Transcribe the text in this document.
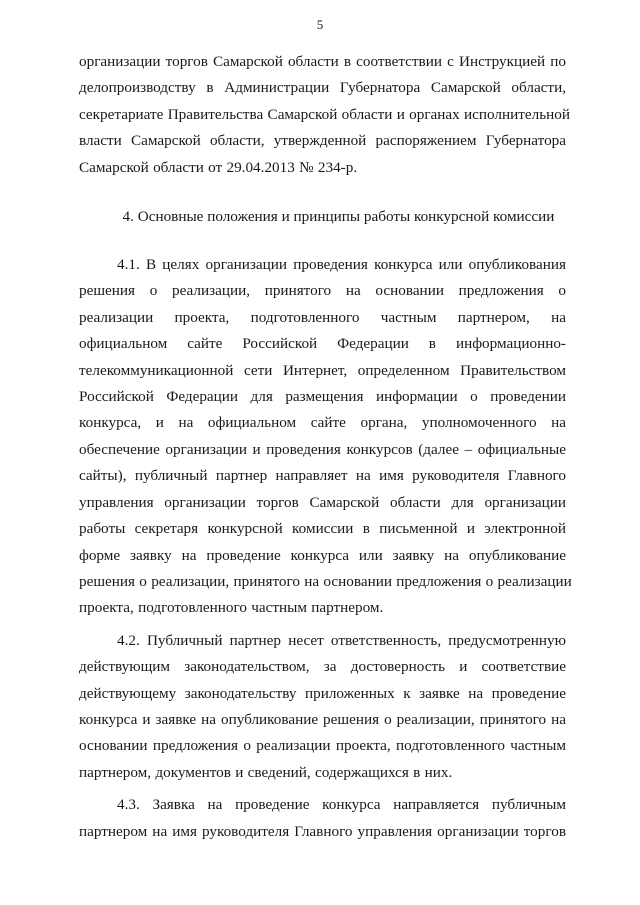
5

организации торгов Самарской области в соответствии с Инструкцией по
делопроизводству в Администрации Губернатора Самарской области,
секретариате Правительства Самарской области и органах исполнительной
власти Самарской области, утвержденной распоряжением Губернатора
Самарской области от 29.04.2013 № 234-р.

4. Основные положения и принципы работы конкурсной комиссии

4.1. В целях организации проведения конкурса или опубликования
решения о реализации, принятого на основании предложения о
реализации проекта, подготовленного частным партнером, на
официальном сайте Российской Федерации в информационно-
телекоммуникационной сети Интернет, определенном Правительством
Российской Федерации для размещения информации о проведении
конкурса, и на официальном сайте органа, уполномоченного на
обеспечение организации и проведения конкурсов (далее – официальные
сайты), публичный партнер направляет на имя руководителя Главного
управления организации торгов Самарской области для организации
работы секретаря конкурсной комиссии в письменной и электронной
форме заявку на проведение конкурса или заявку на опубликование
решения о реализации, принятого на основании предложения о реализации
проекта, подготовленного частным партнером.

4.2. Публичный партнер несет ответственность, предусмотренную
действующим законодательством, за достоверность и соответствие
действующему законодательству приложенных к заявке на проведение
конкурса и заявке на опубликование решения о реализации, принятого на
основании предложения о реализации проекта, подготовленного частным
партнером, документов и сведений, содержащихся в них.

4.3. Заявка на проведение конкурса направляется публичным
партнером на имя руководителя Главного управления организации торгов
